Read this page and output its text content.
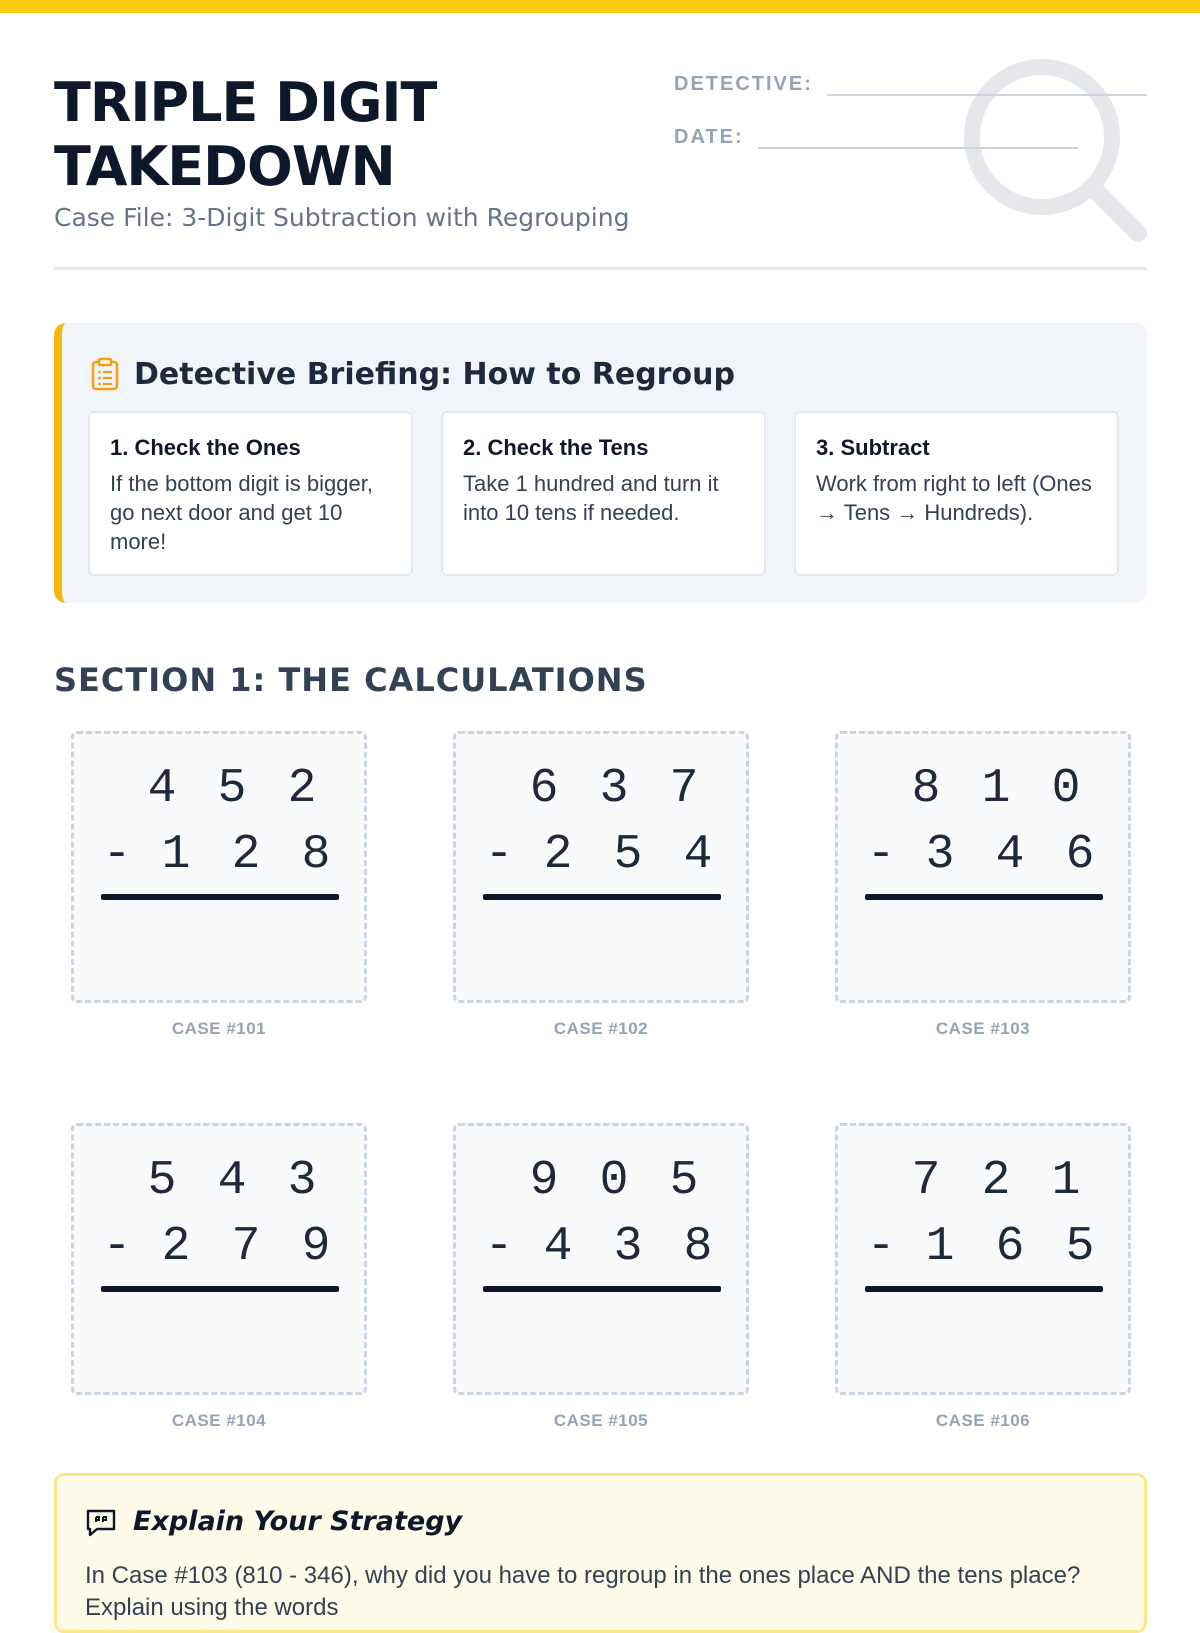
TRIPLE DIGIT TAKEDOWN
Case File: 3-Digit Subtraction with Regrouping
DETECTIVE:
DATE:
Detective Briefing: How to Regroup
1. Check the Ones
If the bottom digit is bigger, go next door and get 10 more!
2. Check the Tens
Take 1 hundred and turn it into 10 tens if needed.
3. Subtract
Work from right to left (Ones → Tens → Hundreds).
SECTION 1: THE CALCULATIONS
4 5 2
- 1 2 8
CASE #101
6 3 7
- 2 5 4
CASE #102
8 1 0
- 3 4 6
CASE #103
5 4 3
- 2 7 9
CASE #104
9 0 5
- 4 3 8
CASE #105
7 2 1
- 1 6 5
CASE #106
Explain Your Strategy
In Case #103 (810 - 346), why did you have to regroup in the ones place AND the tens place? Explain using the words
